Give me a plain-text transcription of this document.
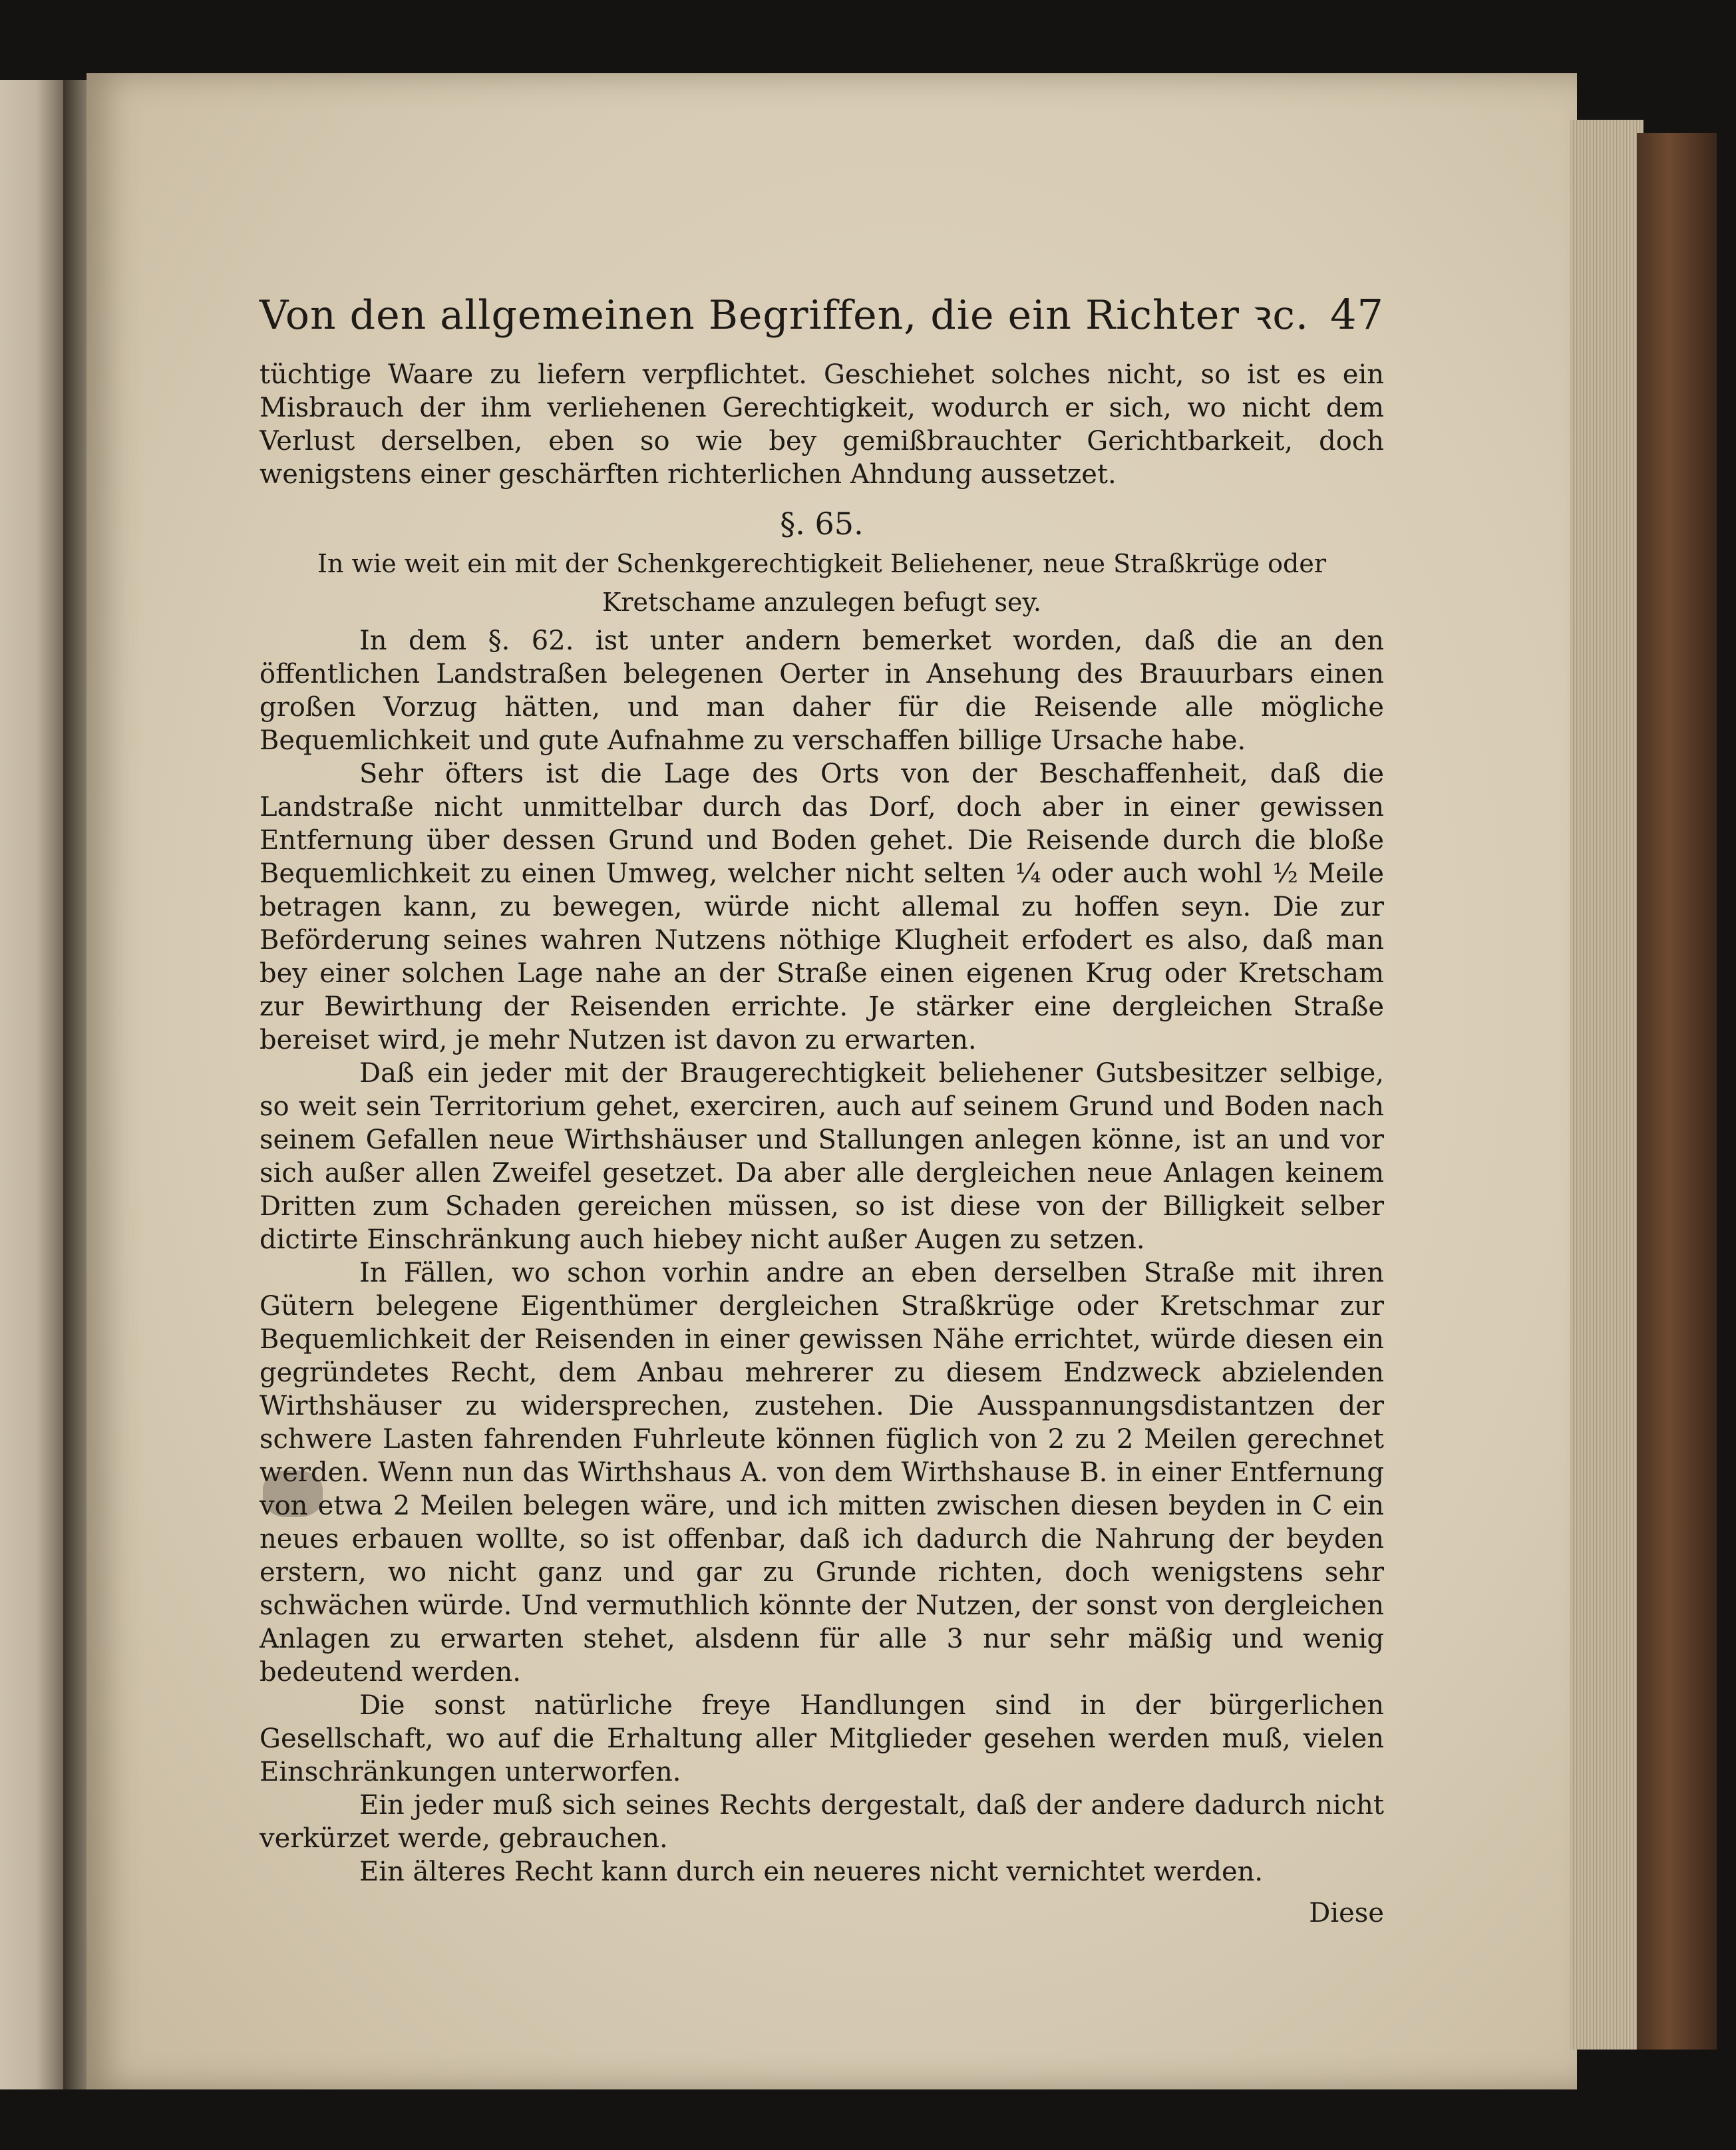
Von den allgemeinen Begriffen, die ein Richter ꝛc. 47

tüchtige Waare zu liefern verpflichtet. Geschiehet solches nicht, so ist es ein Misbrauch der ihm verliehenen Gerechtigkeit, wodurch er sich, wo nicht dem Verlust derselben, eben so wie bey gemißbrauchter Gerichtbarkeit, doch wenigstens einer geschärften richterlichen Ahndung aussetzet.

§. 65.

In wie weit ein mit der Schenkgerechtigkeit Beliehener, neue Straßkrüge oder

Kretschame anzulegen befugt sey.

In dem §. 62. ist unter andern bemerket worden, daß die an den öffentlichen Landstraßen belegenen Oerter in Ansehung des Brauurbars einen großen Vorzug hätten, und man daher für die Reisende alle mögliche Bequemlichkeit und gute Aufnahme zu verschaffen billige Ursache habe.

Sehr öfters ist die Lage des Orts von der Beschaffenheit, daß die Landstraße nicht unmittelbar durch das Dorf, doch aber in einer gewissen Entfernung über dessen Grund und Boden gehet. Die Reisende durch die bloße Bequemlichkeit zu einen Umweg, welcher nicht selten ¼ oder auch wohl ½ Meile betragen kann, zu bewegen, würde nicht allemal zu hoffen seyn. Die zur Beförderung seines wahren Nutzens nöthige Klugheit erfodert es also, daß man bey einer solchen Lage nahe an der Straße einen eigenen Krug oder Kretscham zur Bewirthung der Reisenden errichte. Je stärker eine dergleichen Straße bereiset wird, je mehr Nutzen ist davon zu erwarten.

Daß ein jeder mit der Braugerechtigkeit beliehener Gutsbesitzer selbige, so weit sein Territorium gehet, exerciren, auch auf seinem Grund und Boden nach seinem Gefallen neue Wirthshäuser und Stallungen anlegen könne, ist an und vor sich außer allen Zweifel gesetzet. Da aber alle dergleichen neue Anlagen keinem Dritten zum Schaden gereichen müssen, so ist diese von der Billigkeit selber dictirte Einschränkung auch hiebey nicht außer Augen zu setzen.

In Fällen, wo schon vorhin andre an eben derselben Straße mit ihren Gütern belegene Eigenthümer dergleichen Straßkrüge oder Kretschmar zur Bequemlichkeit der Reisenden in einer gewissen Nähe errichtet, würde diesen ein gegründetes Recht, dem Anbau mehrerer zu diesem Endzweck abzielenden Wirthshäuser zu widersprechen, zustehen. Die Ausspannungsdistantzen der schwere Lasten fahrenden Fuhrleute können füglich von 2 zu 2 Meilen gerechnet werden. Wenn nun das Wirthshaus A. von dem Wirthshause B. in einer Entfernung von etwa 2 Meilen belegen wäre, und ich mitten zwischen diesen beyden in C ein neues erbauen wollte, so ist offenbar, daß ich dadurch die Nahrung der beyden erstern, wo nicht ganz und gar zu Grunde richten, doch wenigstens sehr schwächen würde. Und vermuthlich könnte der Nutzen, der sonst von dergleichen Anlagen zu erwarten stehet, alsdenn für alle 3 nur sehr mäßig und wenig bedeutend werden.

Die sonst natürliche freye Handlungen sind in der bürgerlichen Gesellschaft, wo auf die Erhaltung aller Mitglieder gesehen werden muß, vielen Einschränkungen unterworfen.

Ein jeder muß sich seines Rechts dergestalt, daß der andere dadurch nicht verkürzet werde, gebrauchen.

Ein älteres Recht kann durch ein neueres nicht vernichtet werden.

Diese
